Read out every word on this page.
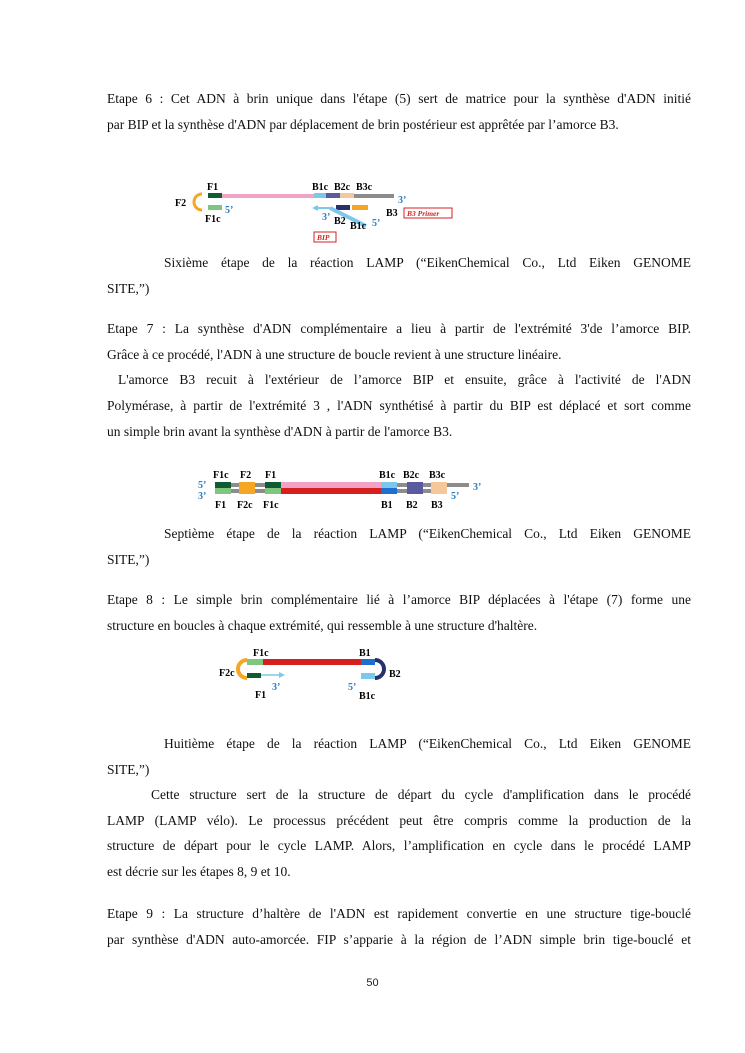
Etape 6 : Cet ADN à brin unique dans l'étape (5) sert de matrice pour la synthèse d'ADN initié
par BIP et la synthèse d'ADN par déplacement de brin postérieur est apprêtée par l’amorce B3.

F2
F1
F1c
5’
B1c B2c B3c
3’
3’ B2
B3
B1c 5’
B3 Primer
BIP
Sixième étape de la réaction LAMP (“EikenChemical Co., Ltd Eiken GENOME
SITE,”)

Etape 7 : La synthèse d'ADN complémentaire a lieu à partir de l'extrémité 3'de l’amorce BIP.
Grâce à ce procédé, l'ADN à une structure de boucle revient à une structure linéaire.
L'amorce B3 recuit à l'extérieur de l’amorce BIP et ensuite, grâce à l'activité de l'ADN
Polymérase, à partir de l'extrémité 3 , l'ADN synthétisé à partir du BIP est déplacé et sort comme
un simple brin avant la synthèse d'ADN à partir de l'amorce B3.

F1c F2 F1	B1c B2c B3c
5’
3’
3’
5’
F1 F2c F1c	B1 B2 B3
Septième étape de la réaction LAMP (“EikenChemical Co., Ltd Eiken GENOME
SITE,”)

Etape 8 : Le simple brin complémentaire lié à l’amorce BIP déplacées à l'étape (7) forme une
structure en boucles à chaque extrémité, qui ressemble à une structure d'haltère.

F1c	B1
F2c	B2
3’	5’
F1	B1c
Huitième étape de la réaction LAMP (“EikenChemical Co., Ltd Eiken GENOME
SITE,”)

Cette structure sert de la structure de départ du cycle d'amplification dans le procédé
LAMP (LAMP vélo). Le processus précédent peut être compris comme la production de la
structure de départ pour le cycle LAMP. Alors, l’amplification en cycle dans le procédé LAMP
est décrie sur les étapes 8, 9 et 10.

Etape 9 : La structure d’haltère de l'ADN est rapidement convertie en une structure tige-bouclé
par synthèse d'ADN auto-amorcée. FIP s’apparie à la région de l’ADN simple brin tige-bouclé et

50
